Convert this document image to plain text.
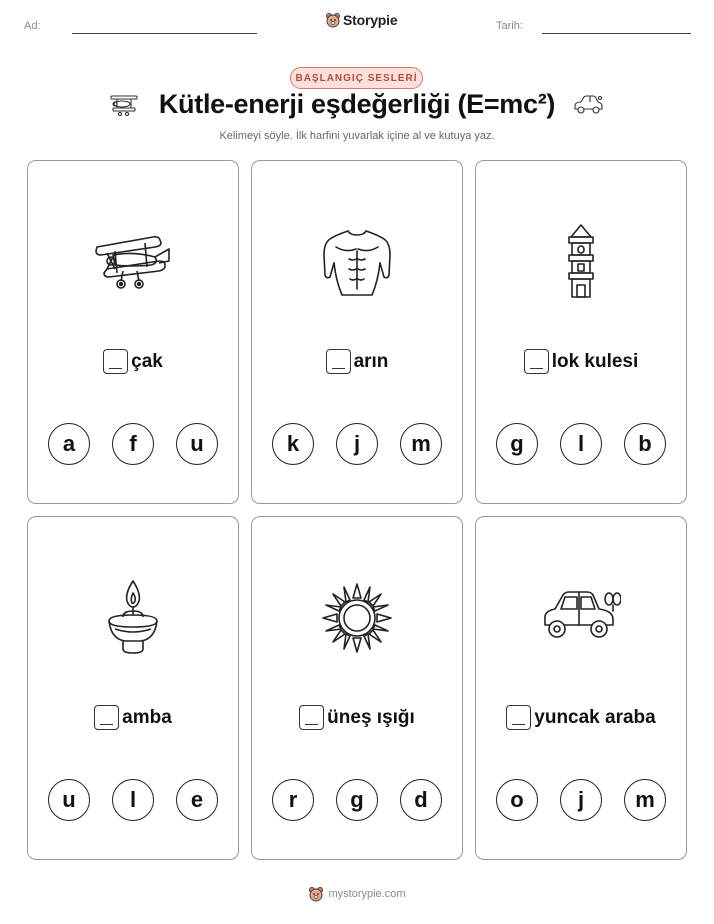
Ad:	Storypie	Tarih:
BAŞLANGIÇ SESLERİ
Kütle-enerji eşdeğerliği (E=mc²)
Kelimeyi söyle. İlk harfini yuvarlak içine al ve kutuya yaz.
çak
a	f	u
arın
k	j	m
lok kulesi
g	l	b
amba
u	l	e
üneş ışığı
r	g	d
yuncak araba
o	j	m
mystorypie.com
